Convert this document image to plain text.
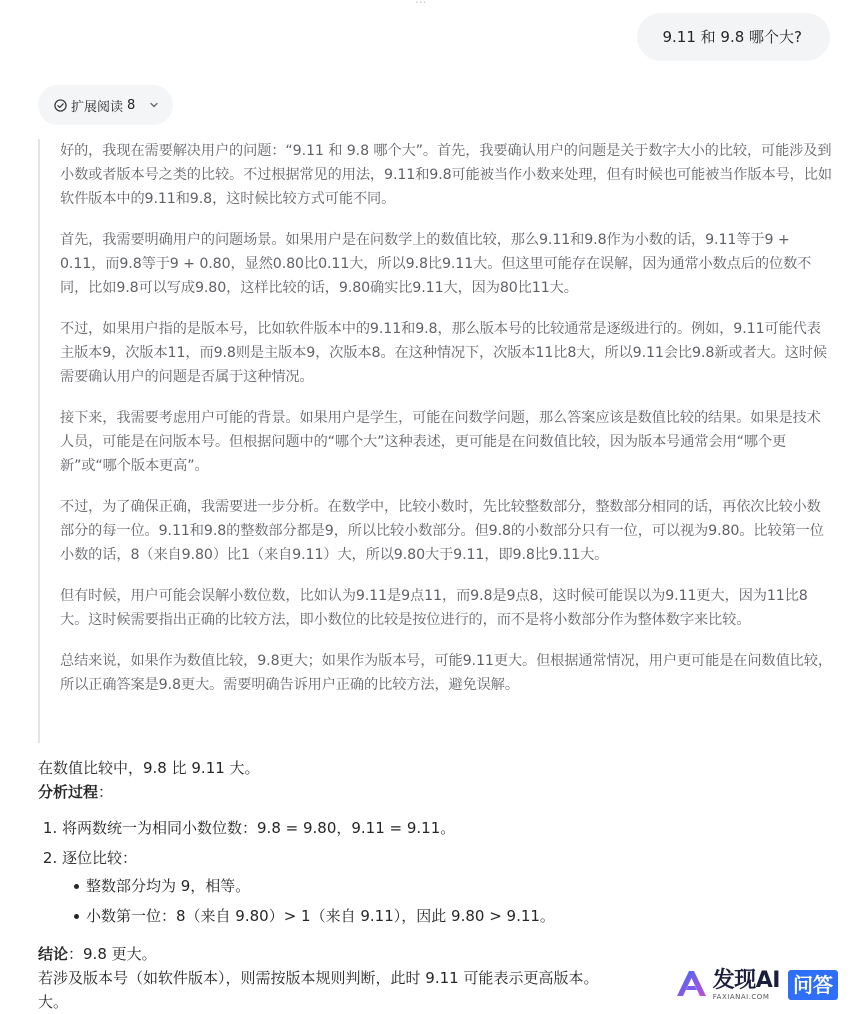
9.11 和 9.8 哪个大?
扩展阅读 8

好的，我现在需要解决用户的问题：“9.11 和 9.8 哪个大”。首先，我要确认用户的问题是关于数字大小的比较，可能涉及到小数或者版本号之类的比较。不过根据常见的用法，9.11和9.8可能被当作小数来处理，但有时候也可能被当作版本号，比如软件版本中的9.11和9.8，这时候比较方式可能不同。

首先，我需要明确用户的问题场景。如果用户是在问数学上的数值比较，那么9.11和9.8作为小数的话，9.11等于9 + 0.11，而9.8等于9 + 0.80，显然0.80比0.11大，所以9.8比9.11大。但这里可能存在误解，因为通常小数点后的位数不同，比如9.8可以写成9.80，这样比较的话，9.80确实比9.11大，因为80比11大。

不过，如果用户指的是版本号，比如软件版本中的9.11和9.8，那么版本号的比较通常是逐级进行的。例如，9.11可能代表主版本9，次版本11，而9.8则是主版本9，次版本8。在这种情况下，次版本11比8大，所以9.11会比9.8新或者大。这时候需要确认用户的问题是否属于这种情况。

接下来，我需要考虑用户可能的背景。如果用户是学生，可能在问数学问题，那么答案应该是数值比较的结果。如果是技术人员，可能是在问版本号。但根据问题中的“哪个大”这种表述，更可能是在问数值比较，因为版本号通常会用“哪个更新”或“哪个版本更高”。

不过，为了确保正确，我需要进一步分析。在数学中，比较小数时，先比较整数部分，整数部分相同的话，再依次比较小数部分的每一位。9.11和9.8的整数部分都是9，所以比较小数部分。但9.8的小数部分只有一位，可以视为9.80。比较第一位小数的话，8（来自9.80）比1（来自9.11）大，所以9.80大于9.11，即9.8比9.11大。

但有时候，用户可能会误解小数位数，比如认为9.11是9点11，而9.8是9点8，这时候可能误以为9.11更大，因为11比8大。这时候需要指出正确的比较方法，即小数位的比较是按位进行的，而不是将小数部分作为整体数字来比较。

总结来说，如果作为数值比较，9.8更大；如果作为版本号，可能9.11更大。但根据通常情况，用户更可能是在问数值比较，所以正确答案是9.8更大。需要明确告诉用户正确的比较方法，避免误解。

在数值比较中，9.8 比 9.11 大。
分析过程：
1. 将两数统一为相同小数位数：9.8 = 9.80，9.11 = 9.11。
2. 逐位比较：
整数部分均为 9，相等。
小数第一位：8（来自 9.80）> 1（来自 9.11），因此 9.80 > 9.11。
结论：9.8 更大。
若涉及版本号（如软件版本），则需按版本规则判断，此时 9.11 可能表示更高版本。
大。
发现AI
FAXIANAI.COM	问答
